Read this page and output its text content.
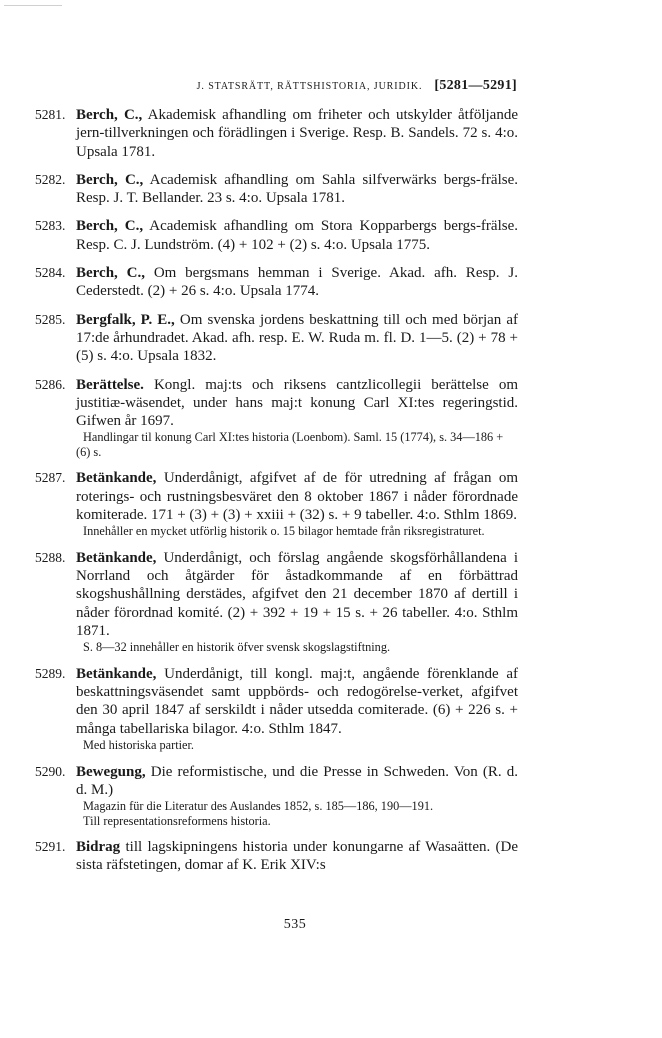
J. STATSRÄTT, RÄTTSHISTORIA, JURIDIK. [5281—5291]
5281. Berch, C., Akademisk afhandling om friheter och utskylder åtföljande jern-tillverkningen och förädlingen i Sverige. Resp. B. Sandels. 72 s. 4:o. Upsala 1781.
5282. Berch, C., Academisk afhandling om Sahla silfverwärks bergs-frälse. Resp. J. T. Bellander. 23 s. 4:o. Upsala 1781.
5283. Berch, C., Academisk afhandling om Stora Kopparbergs bergs-frälse. Resp. C. J. Lundström. (4) + 102 + (2) s. 4:o. Upsala 1775.
5284. Berch, C., Om bergsmans hemman i Sverige. Akad. afh. Resp. J. Cederstedt. (2) + 26 s. 4:o. Upsala 1774.
5285. Bergfalk, P. E., Om svenska jordens beskattning till och med början af 17:de århundradet. Akad. afh. resp. E. W. Ruda m. fl. D. 1—5. (2) + 78 + (5) s. 4:o. Upsala 1832.
5286. Berättelse. Kongl. maj:ts och riksens cantzlicollegii berättelse om justitiæ-wäsendet, under hans maj:t konung Carl XI:tes regeringstid. Gifwen år 1697.
Handlingar til konung Carl XI:tes historia (Loenbom). Saml. 15 (1774), s. 34—186 + (6) s.
5287. Betänkande, Underdånigt, afgifvet af de för utredning af frågan om roterings- och rustningsbesväret den 8 oktober 1867 i nåder förordnade komiterade. 171 + (3) + (3) + xxiii + (32) s. + 9 tabeller. 4:o. Sthlm 1869.
Innehåller en mycket utförlig historik o. 15 bilagor hemtade från riksregistraturet.
5288. Betänkande, Underdånigt, och förslag angående skogsförhållandena i Norrland och åtgärder för åstadkommande af en förbättrad skogshushållning derstädes, afgifvet den 21 december 1870 af dertill i nåder förordnad komité. (2) + 392 + 19 + 15 s. + 26 tabeller. 4:o. Sthlm 1871.
S. 8—32 innehåller en historik öfver svensk skogslagstiftning.
5289. Betänkande, Underdånigt, till kongl. maj:t, angående förenklande af beskattningsväsendet samt uppbörds- och redogörelse-verket, afgifvet den 30 april 1847 af serskildt i nåder utsedda comiterade. (6) + 226 s. + många tabellariska bilagor. 4:o. Sthlm 1847.
Med historiska partier.
5290. Bewegung, Die reformistische, und die Presse in Schweden. Von (R. d. d. M.)
Magazin für die Literatur des Auslandes 1852, s. 185—186, 190—191.
Till representationsreformens historia.
5291. Bidrag till lagskipningens historia under konungarne af Wasaätten. (De sista räfstetingen, domar af K. Erik XIV:s
535
